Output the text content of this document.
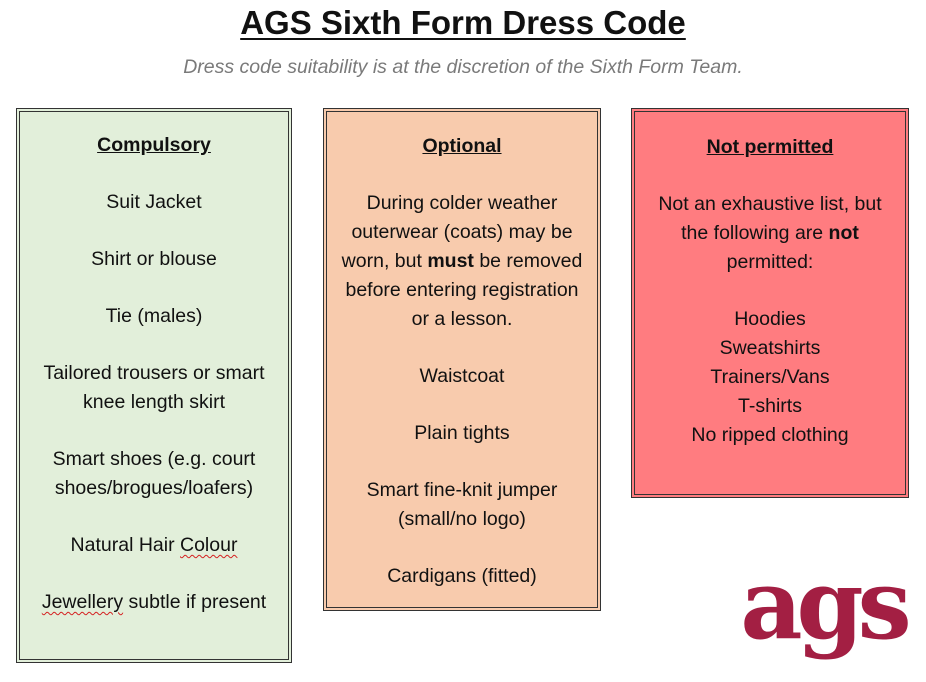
AGS Sixth Form Dress Code

Dress code suitability is at the discretion of the Sixth Form Team.

Compulsory
Suit Jacket
Shirt or blouse
Tie (males)
Tailored trousers or smart knee length skirt
Smart shoes (e.g. court shoes/brogues/loafers)
Natural Hair Colour
Jewellery subtle if present
Optional
During colder weather outerwear (coats) may be worn, but must be removed before entering registration or a lesson.
Waistcoat
Plain tights
Smart fine-knit jumper (small/no logo)
Cardigans (fitted)
Not permitted
Not an exhaustive list, but the following are not permitted:
Hoodies
Sweatshirts
Trainers/Vans
T-shirts
No ripped clothing
ags
